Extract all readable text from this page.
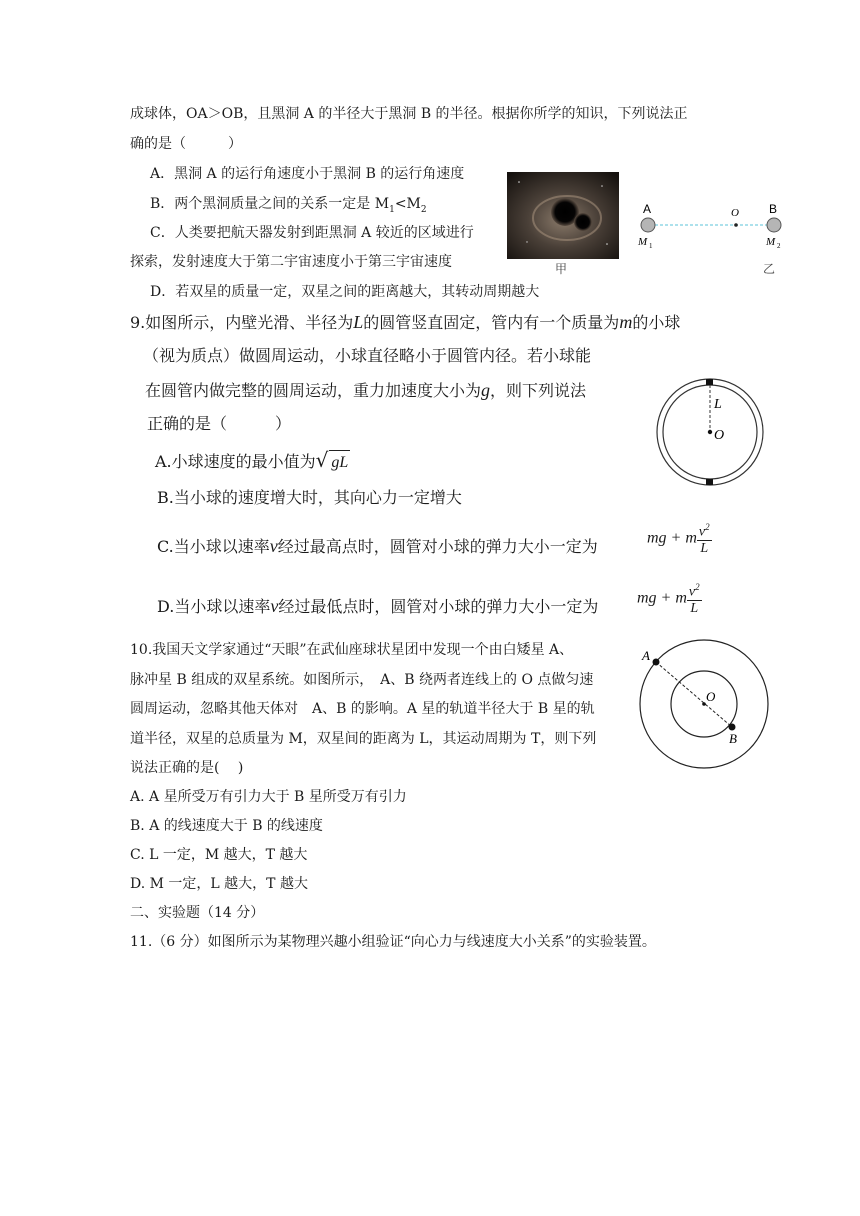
成球体，OA＞OB，且黑洞 A 的半径大于黑洞 B 的半径。根据你所学的知识，下列说法正
确的是（　　　）
A．黑洞 A 的运行角速度小于黑洞 B 的运行角速度
B．两个黑洞质量之间的关系一定是 $M_1<M_2$
C．人类要把航天器发射到距黑洞 A 较近的区域进行
探索，发射速度大于第二宇宙速度小于第三宇宙速度
D．若双星的质量一定，双星之间的距离越大，其转动周期越大
甲
A	B
O
M 1	M 2
乙
9.如图所示，内壁光滑、半径为L的圆管竖直固定，管内有一个质量为m的小球
（视为质点）做圆周运动，小球直径略小于圆管内径。若小球能
在圆管内做完整的圆周运动，重力加速度大小为g，则下列说法
正确的是（　　　）
A.小球速度的最小值为√ gL
B.当小球的速度增大时，其向心力一定增大
C.当小球以速率v经过最高点时，圆管对小球的弹力大小一定为	mg + m $\frac{v^2}{L}$
D.当小球以速率v经过最低点时，圆管对小球的弹力大小一定为 mg + m $\frac{v^2}{L}$
L
O
10.我国天文学家通过“天眼”在武仙座球状星团中发现一个由白矮星 A、
脉冲星 B 组成的双星系统。如图所示，　A、B 绕两者连线上的 O 点做匀速
圆周运动，忽略其他天体对　A、B 的影响。A 星的轨道半径大于 B 星的轨
道半径，双星的总质量为 M，双星间的距离为 L，其运动周期为 T，则下列
说法正确的是(　 )
A. A 星所受万有引力大于 B 星所受万有引力
B. A 的线速度大于 B 的线速度
C. L 一定，M 越大，T 越大
D. M 一定，L 越大，T 越大
A
B
O
二、实验题（14 分）
11.（6 分）如图所示为某物理兴趣小组验证“向心力与线速度大小关系”的实验装置。
